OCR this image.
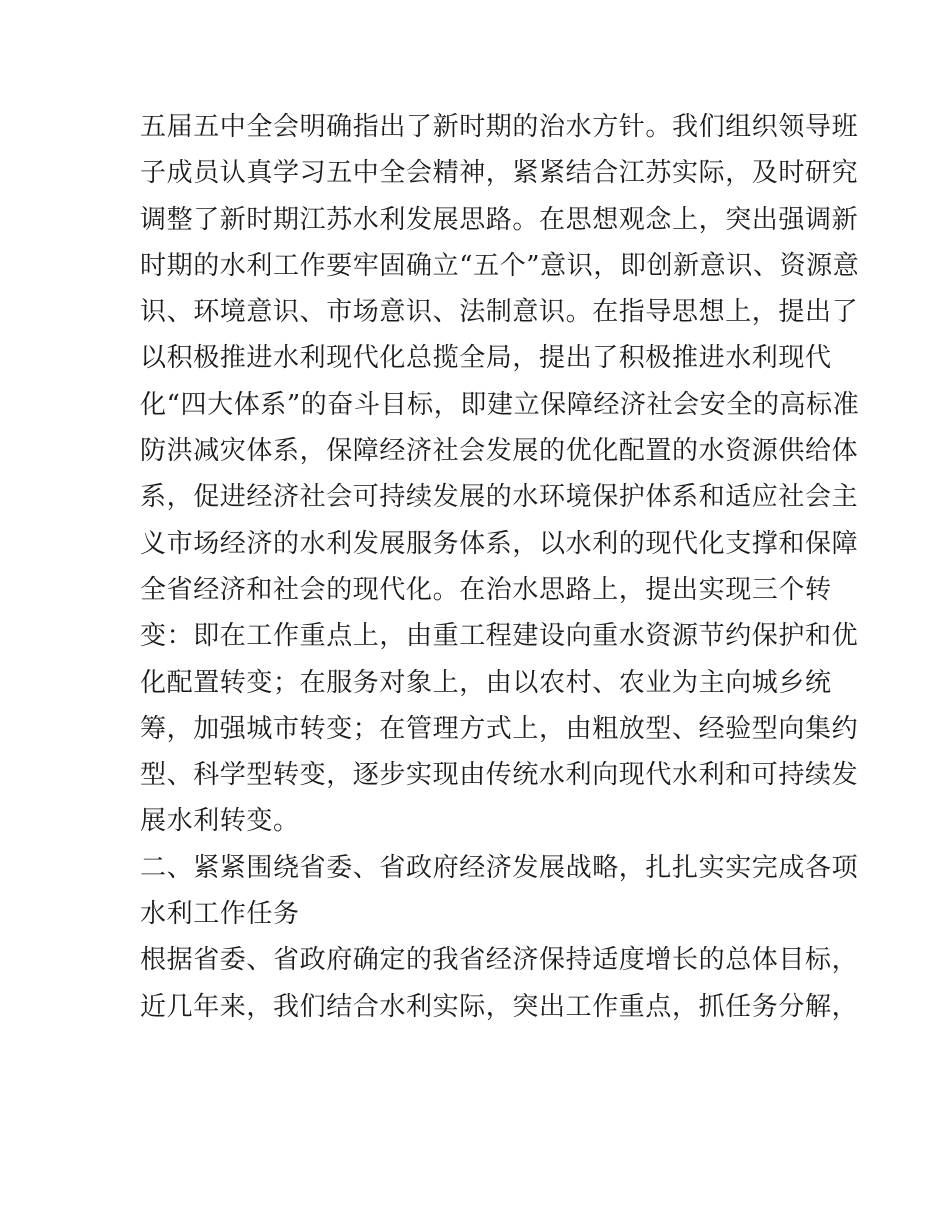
五届五中全会明确指出了新时期的治水方针。我们组织领导班
子成员认真学习五中全会精神，紧紧结合江苏实际，及时研究
调整了新时期江苏水利发展思路。在思想观念上，突出强调新
时期的水利工作要牢固确立“五个”意识，即创新意识、资源意
识、环境意识、市场意识、法制意识。在指导思想上，提出了
以积极推进水利现代化总揽全局，提出了积极推进水利现代
化“四大体系”的奋斗目标，即建立保障经济社会安全的高标准
防洪减灾体系，保障经济社会发展的优化配置的水资源供给体
系，促进经济社会可持续发展的水环境保护体系和适应社会主
义市场经济的水利发展服务体系，以水利的现代化支撑和保障
全省经济和社会的现代化。在治水思路上，提出实现三个转
变：即在工作重点上，由重工程建设向重水资源节约保护和优
化配置转变；在服务对象上，由以农村、农业为主向城乡统
筹，加强城市转变；在管理方式上，由粗放型、经验型向集约
型、科学型转变，逐步实现由传统水利向现代水利和可持续发
展水利转变。
二、紧紧围绕省委、省政府经济发展战略，扎扎实实完成各项
水利工作任务
根据省委、省政府确定的我省经济保持适度增长的总体目标，
近几年来，我们结合水利实际，突出工作重点，抓任务分解，
